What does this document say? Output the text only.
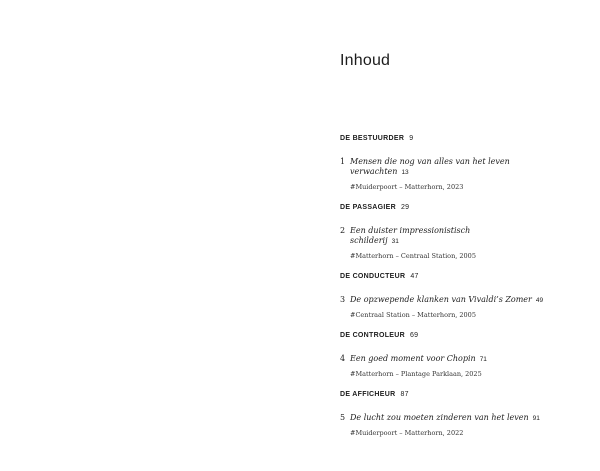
Inhoud
DE BESTUURDER 9
1 Mensen die nog van alles van het leven verwachten 13
#Muiderpoort – Matterhorn, 2023
DE PASSAGIER 29
2 Een duister impressionistisch schilderij 31
#Matterhorn – Centraal Station, 2005
DE CONDUCTEUR 47
3 De opzwepende klanken van Vivaldi’s Zomer 49
#Centraal Station – Matterhorn, 2005
DE CONTROLEUR 69
4 Een goed moment voor Chopin 71
#Matterhorn – Plantage Parklaan, 2025
DE AFFICHEUR 87
5 De lucht zou moeten zinderen van het leven 91
#Muiderpoort – Matterhorn, 2022
